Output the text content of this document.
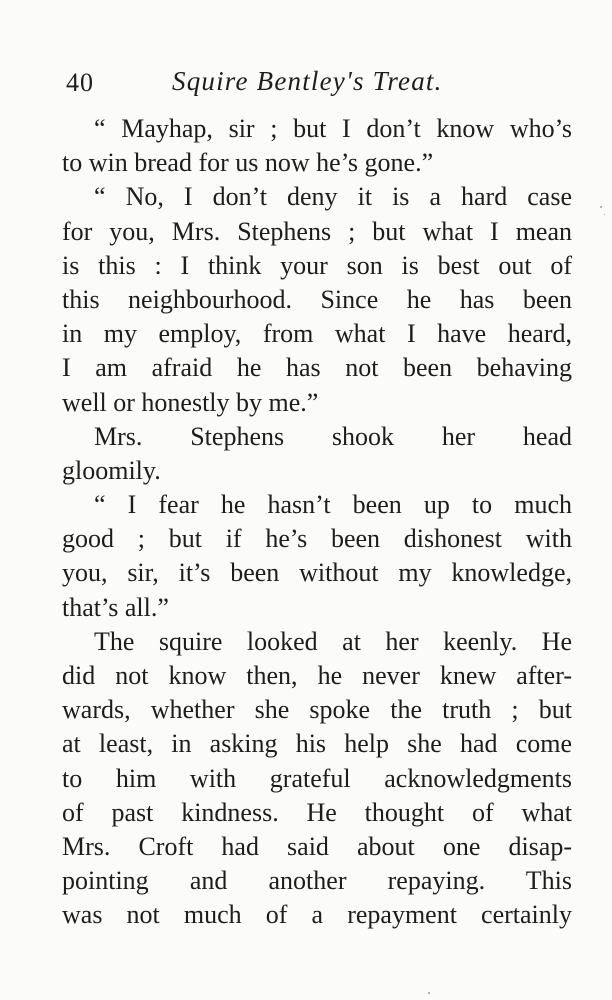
40	Squire Bentley's Treat.
“ Mayhap, sir ; but I don’t know who’s
to win bread for us now he’s gone.”
“ No, I don’t deny it is a hard case
for you, Mrs. Stephens ; but what I mean
is this : I think your son is best out of
this neighbourhood. Since he has been
in my employ, from what I have heard,
I am afraid he has not been behaving
well or honestly by me.”
Mrs. Stephens shook her head
gloomily.
“ I fear he hasn’t been up to much
good ; but if he’s been dishonest with
you, sir, it’s been without my knowledge,
that’s all.”
The squire looked at her keenly. He
did not know then, he never knew after-
wards, whether she spoke the truth ; but
at least, in asking his help she had come
to him with grateful acknowledgments
of past kindness. He thought of what
Mrs. Croft had said about one disap-
pointing and another repaying. This
was not much of a repayment certainly
